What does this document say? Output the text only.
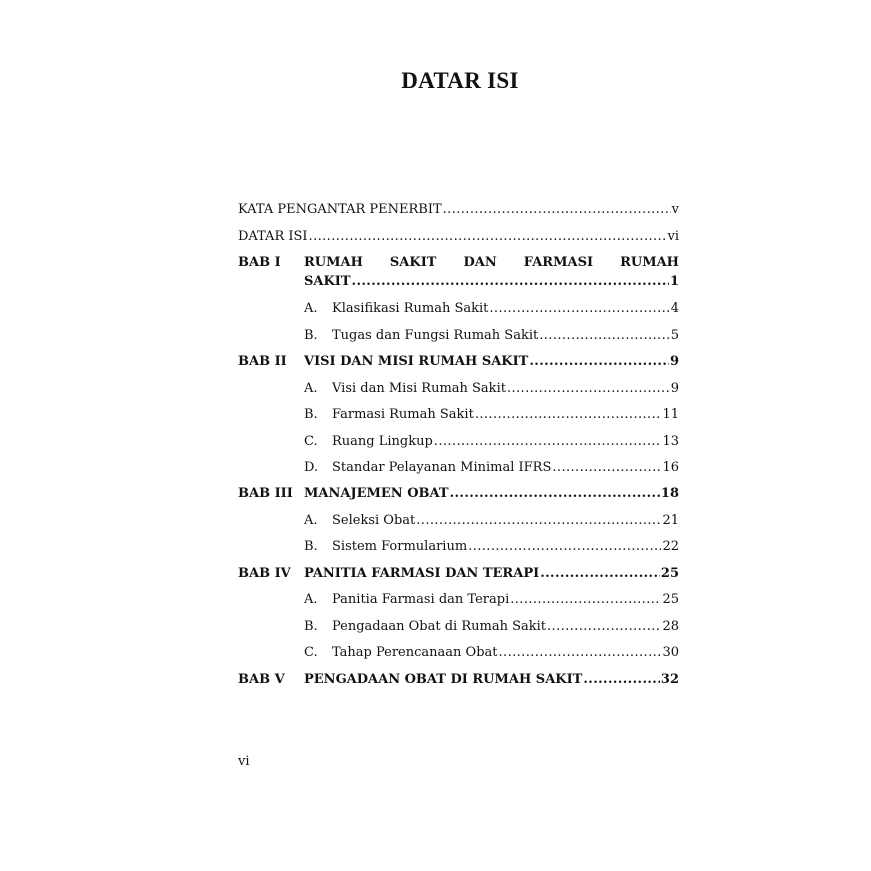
DATAR ISI
KATA PENGANTAR PENERBIT .....	v
DATAR ISI .....	vi
BAB I RUMAH SAKIT DAN FARMASI RUMAH
SAKIT .....	1
A. Klasifikasi Rumah Sakit .....	4
B. Tugas dan Fungsi Rumah Sakit .....	5
BAB II VISI DAN MISI RUMAH SAKIT .....	9
A. Visi dan Misi Rumah Sakit .....	9
B. Farmasi Rumah Sakit .....	11
C. Ruang Lingkup .....	13
D. Standar Pelayanan Minimal IFRS .....	16
BAB III MANAJEMEN OBAT .....	18
A. Seleksi Obat .....	21
B. Sistem Formularium .....	22
BAB IV PANITIA FARMASI DAN TERAPI .....	25
A. Panitia Farmasi dan Terapi .....	25
B. Pengadaan Obat di Rumah Sakit .....	28
C. Tahap Perencanaan Obat .....	30
BAB V PENGADAAN OBAT DI RUMAH SAKIT .....	32
vi
